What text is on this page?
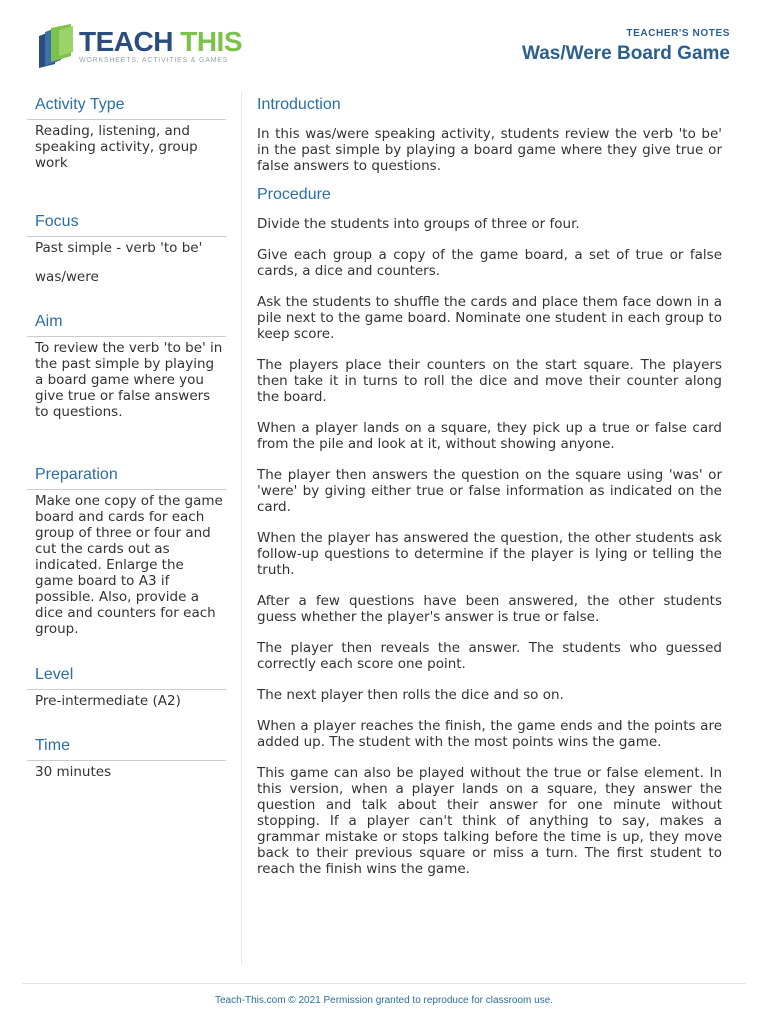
TEACH THIS
WORKSHEETS, ACTIVITIES & GAMES
TEACHER'S NOTES
Was/Were Board Game
Activity Type

Reading, listening, and speaking activity, group work

Focus

Past simple - verb 'to be'

was/were

Aim

To review the verb 'to be' in the past simple by playing a board game where you give true or false answers to questions.

Preparation

Make one copy of the game board and cards for each group of three or four and cut the cards out as indicated. Enlarge the game board to A3 if possible. Also, provide a dice and counters for each group.

Level

Pre-intermediate (A2)

Time

30 minutes

Introduction

In this was/were speaking activity, students review the verb 'to be' in the past simple by playing a board game where they give true or false answers to questions.

Procedure

Divide the students into groups of three or four.

Give each group a copy of the game board, a set of true or false cards, a dice and counters.

Ask the students to shuffle the cards and place them face down in a pile next to the game board. Nominate one student in each group to keep score.

The players place their counters on the start square. The players then take it in turns to roll the dice and move their counter along the board.

When a player lands on a square, they pick up a true or false card from the pile and look at it, without showing anyone.

The player then answers the question on the square using 'was' or 'were' by giving either true or false information as indicated on the card.

When the player has answered the question, the other students ask follow-up questions to determine if the player is lying or telling the truth.

After a few questions have been answered, the other students guess whether the player's answer is true or false.

The player then reveals the answer. The students who guessed correctly each score one point.

The next player then rolls the dice and so on.

When a player reaches the finish, the game ends and the points are added up. The student with the most points wins the game.

This game can also be played without the true or false element. In this version, when a player lands on a square, they answer the question and talk about their answer for one minute without stopping. If a player can't think of anything to say, makes a grammar mistake or stops talking before the time is up, they move back to their previous square or miss a turn. The first student to reach the finish wins the game.

Teach-This.com © 2021 Permission granted to reproduce for classroom use.
